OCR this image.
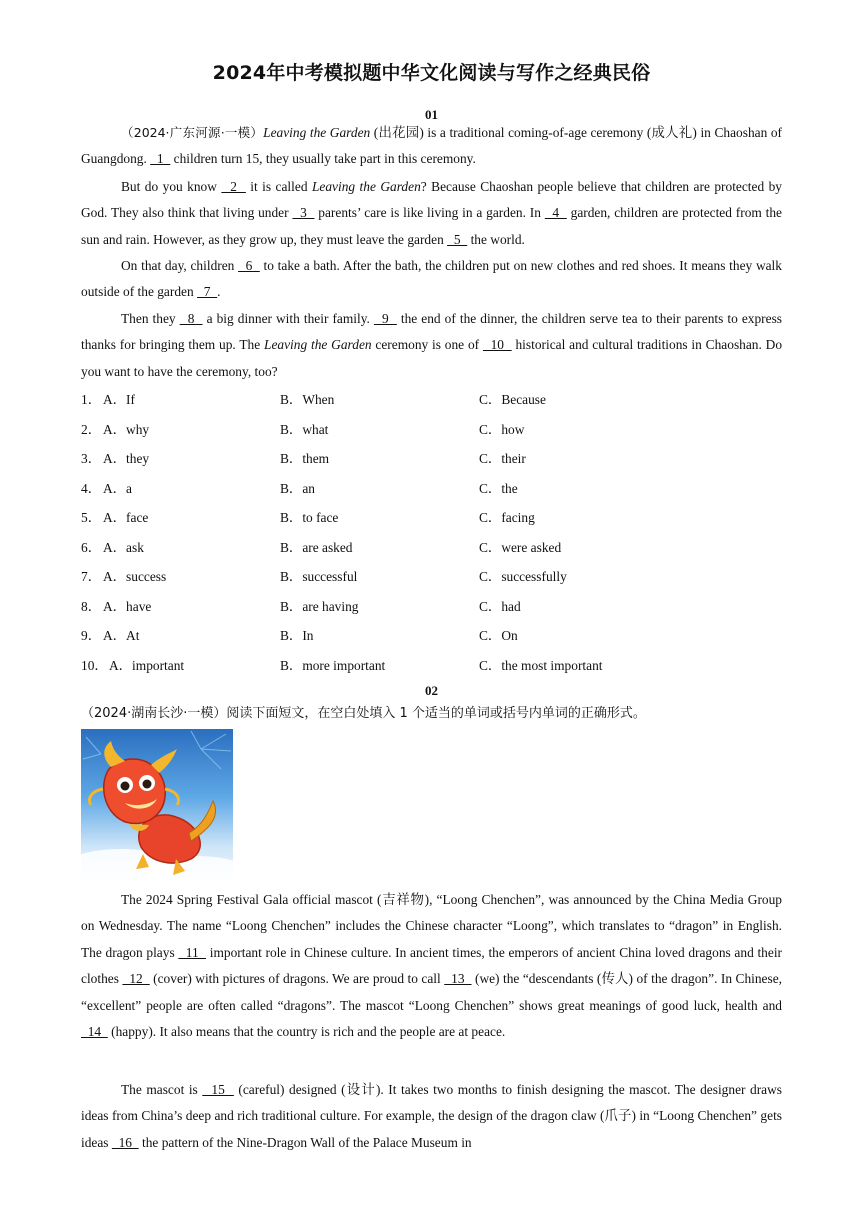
2024年中考模拟题中华文化阅读与写作之经典民俗
01
（2024·广东河源·一模）Leaving the Garden (出花园) is a traditional coming-of-age ceremony (成人礼) in Chaoshan of Guangdong.   1   children turn 15, they usually take part in this ceremony.
But do you know   2   it is called Leaving the Garden? Because Chaoshan people believe that children are protected by God. They also think that living under   3   parents’ care is like living in a garden. In   4   garden, children are protected from the sun and rain. However, as they grow up, they must leave the garden   5   the world.
On that day, children   6   to take a bath. After the bath, the children put on new clothes and red shoes. It means they walk outside of the garden   7  .
Then they   8   a big dinner with their family.   9   the end of the dinner, the children serve tea to their parents to express thanks for bringing them up. The Leaving the Garden ceremony is one of   10   historical and cultural traditions in Chaoshan. Do you want to have the ceremony, too?
1． A．If	B．When	C．Because
2． A．why	B．what	C．how
3． A．they	B．them	C．their
4． A．a	B．an	C．the
5． A．face	B．to face	C．facing
6． A．ask	B．are asked	C．were asked
7． A．success	B．successful	C．successfully
8． A．have	B．are having	C．had
9． A．At	B．In	C．On
10． A．important	B．more important	C．the most important
02
（2024·湖南长沙·一模）阅读下面短文，在空白处填入 1 个适当的单词或括号内单词的正确形式。
The 2024 Spring Festival Gala official mascot (吉祥物), “Loong Chenchen”, was announced by the China Media Group on Wednesday. The name “Loong Chenchen” includes the Chinese character “Loong”, which translates to “dragon” in English. The dragon plays   11   important role in Chinese culture. In ancient times, the emperors of ancient China loved dragons and their clothes   12   (cover) with pictures of dragons. We are proud to call   13   (we) the “descendants (传人) of the dragon”. In Chinese, “excellent” people are often called “dragons”. The mascot “Loong Chenchen” shows great meanings of good luck, health and   14   (happy). It also means that the country is rich and the people are at peace.
The mascot is   15   (careful) designed (设计). It takes two months to finish designing the mascot. The designer draws ideas from China’s deep and rich traditional culture. For example, the design of the dragon claw (爪子) in “Loong Chenchen” gets ideas   16   the pattern of the Nine-Dragon Wall of the Palace Museum in
